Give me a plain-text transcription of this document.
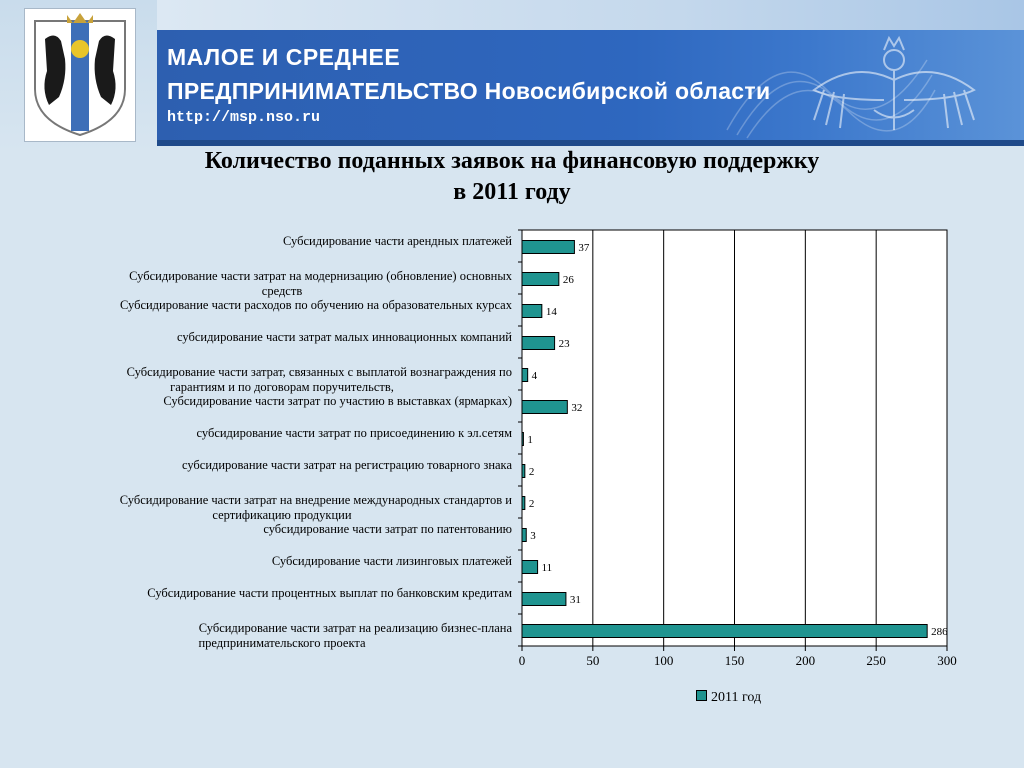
МАЛОЕ И СРЕДНЕЕ
ПРЕДПРИНИМАТЕЛЬСТВО Новосибирской области
http://msp.nso.ru
Количество поданных заявок на финансовую поддержку
в 2011 году
Субсидирование части арендных платежей
Субсидирование части затрат на модернизацию (обновление) основных
средств
Субсидирование части расходов по обучению на образовательных курсах
субсидирование части затрат малых инновационных компаний
Субсидирование части затрат, связанных с выплатой вознаграждения по
гарантиям и по договорам поручительств,
Субсидирование части затрат по участию в выставках (ярмарках)
субсидирование части затрат по присоединению к эл.сетям
субсидирование части затрат на регистрацию товарного знака
Субсидирование части затрат на внедрение международных стандартов и
сертификацию продукции
субсидирование части затрат по патентованию
Субсидирование части лизинговых платежей
Субсидирование части процентных выплат по банковским кредитам
Субсидирование части затрат на реализацию бизнес-плана
предпринимательского проекта
0	50	100	150	200	250	300
37
26
14
23
4
32
1
2
2
3
11
31
286
2011 год
